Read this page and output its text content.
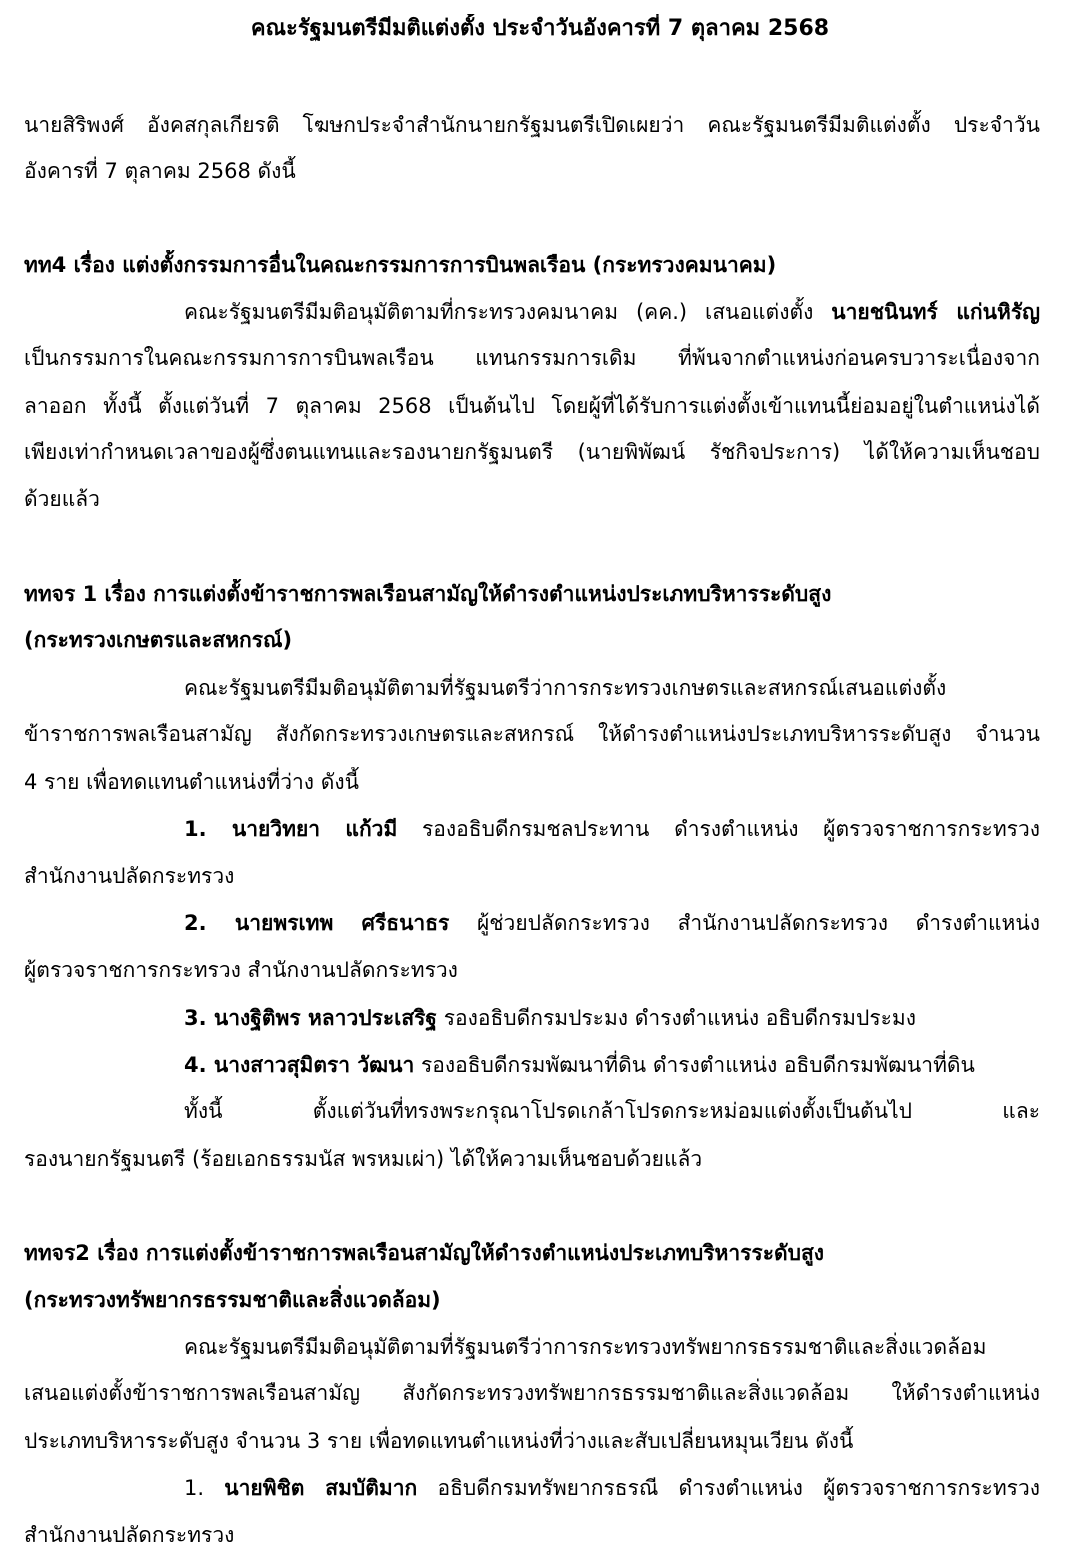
คณะรัฐมนตรีมีมติแต่งตั้ง ประจำวันอังคารที่ 7 ตุลาคม 2568
นายสิริพงศ์ อังคสกุลเกียรติ โฆษกประจำสำนักนายกรัฐมนตรีเปิดเผยว่า คณะรัฐมนตรีมีมติแต่งตั้ง ประจำวัน
อังคารที่ 7 ตุลาคม 2568 ดังนี้
ทท4 เรื่อง แต่งตั้งกรรมการอื่นในคณะกรรมการการบินพลเรือน (กระทรวงคมนาคม)
คณะรัฐมนตรีมีมติอนุมัติตามที่กระทรวงคมนาคม (คค.) เสนอแต่งตั้ง นายชนินทร์ แก่นหิรัญ
เป็นกรรมการในคณะกรรมการการบินพลเรือน แทนกรรมการเดิม ที่พ้นจากตำแหน่งก่อนครบวาระเนื่องจาก
ลาออก ทั้งนี้ ตั้งแต่วันที่ 7 ตุลาคม 2568 เป็นต้นไป โดยผู้ที่ได้รับการแต่งตั้งเข้าแทนนี้ย่อมอยู่ในตำแหน่งได้
เพียงเท่ากำหนดเวลาของผู้ซึ่งตนแทนและรองนายกรัฐมนตรี (นายพิพัฒน์ รัชกิจประการ) ได้ให้ความเห็นชอบ
ด้วยแล้ว
ททจร 1 เรื่อง การแต่งตั้งข้าราชการพลเรือนสามัญให้ดำรงตำแหน่งประเภทบริหารระดับสูง
(กระทรวงเกษตรและสหกรณ์)
คณะรัฐมนตรีมีมติอนุมัติตามที่รัฐมนตรีว่าการกระทรวงเกษตรและสหกรณ์เสนอแต่งตั้ง
ข้าราชการพลเรือนสามัญ สังกัดกระทรวงเกษตรและสหกรณ์ ให้ดำรงตำแหน่งประเภทบริหารระดับสูง จำนวน
4 ราย เพื่อทดแทนตำแหน่งที่ว่าง ดังนี้
1. นายวิทยา แก้วมี รองอธิบดีกรมชลประทาน ดำรงตำแหน่ง ผู้ตรวจราชการกระทรวง
สำนักงานปลัดกระทรวง
2. นายพรเทพ ศรีธนาธร ผู้ช่วยปลัดกระทรวง สำนักงานปลัดกระทรวง ดำรงตำแหน่ง
ผู้ตรวจราชการกระทรวง สำนักงานปลัดกระทรวง
3. นางฐิติพร หลาวประเสริฐ รองอธิบดีกรมประมง ดำรงตำแหน่ง อธิบดีกรมประมง
4. นางสาวสุมิตรา วัฒนา รองอธิบดีกรมพัฒนาที่ดิน ดำรงตำแหน่ง อธิบดีกรมพัฒนาที่ดิน
ทั้งนี้ ตั้งแต่วันที่ทรงพระกรุณาโปรดเกล้าโปรดกระหม่อมแต่งตั้งเป็นต้นไป และ
รองนายกรัฐมนตรี (ร้อยเอกธรรมนัส พรหมเผ่า) ได้ให้ความเห็นชอบด้วยแล้ว
ททจร2 เรื่อง การแต่งตั้งข้าราชการพลเรือนสามัญให้ดำรงตำแหน่งประเภทบริหารระดับสูง
(กระทรวงทรัพยากรธรรมชาติและสิ่งแวดล้อม)
คณะรัฐมนตรีมีมติอนุมัติตามที่รัฐมนตรีว่าการกระทรวงทรัพยากรธรรมชาติและสิ่งแวดล้อม
เสนอแต่งตั้งข้าราชการพลเรือนสามัญ สังกัดกระทรวงทรัพยากรธรรมชาติและสิ่งแวดล้อม ให้ดำรงตำแหน่ง
ประเภทบริหารระดับสูง จำนวน 3 ราย เพื่อทดแทนตำแหน่งที่ว่างและสับเปลี่ยนหมุนเวียน ดังนี้
1. นายพิชิต สมบัติมาก อธิบดีกรมทรัพยากรธรณี ดำรงตำแหน่ง ผู้ตรวจราชการกระทรวง
สำนักงานปลัดกระทรวง
